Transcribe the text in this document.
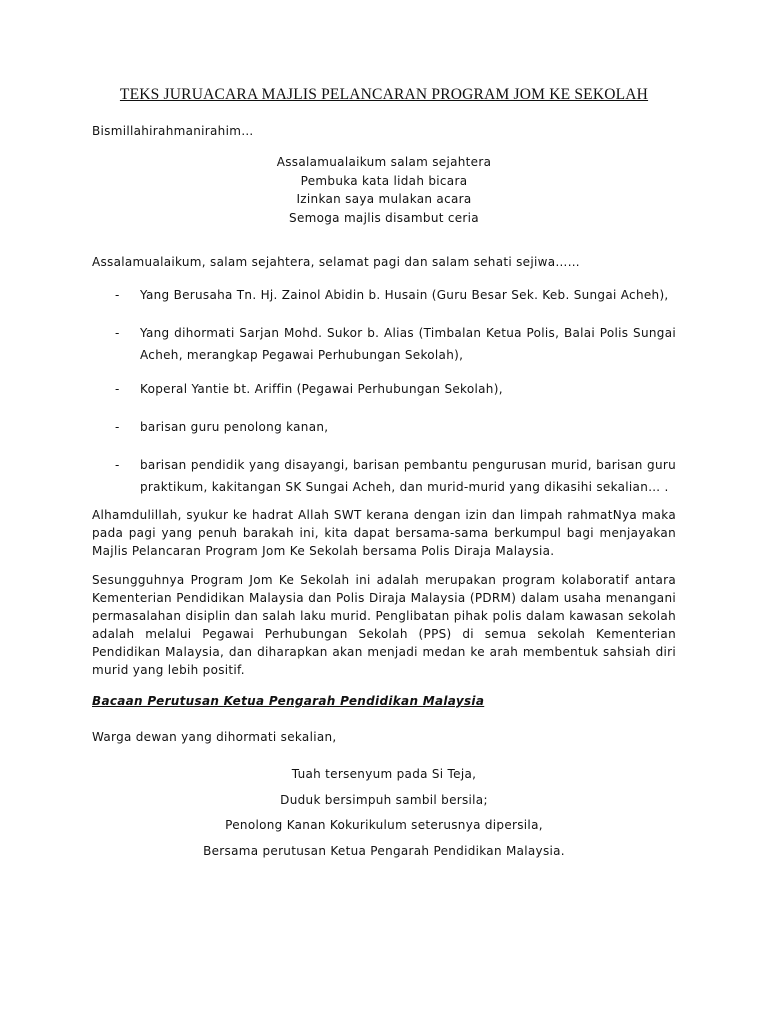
TEKS JURUACARA MAJLIS PELANCARAN PROGRAM JOM KE SEKOLAH
Bismillahirahmanirahim…
Assalamualaikum salam sejahtera
Pembuka kata lidah bicara
Izinkan saya mulakan acara
Semoga majlis disambut ceria
Assalamualaikum, salam sejahtera, selamat pagi dan salam sehati sejiwa……
- Yang Berusaha Tn. Hj. Zainol Abidin b. Husain (Guru Besar Sek. Keb. Sungai Acheh),
- Yang dihormati Sarjan Mohd. Sukor b. Alias (Timbalan Ketua Polis, Balai Polis Sungai Acheh, merangkap Pegawai Perhubungan Sekolah),
- Koperal Yantie bt. Ariffin (Pegawai Perhubungan Sekolah),
- barisan guru penolong kanan,
- barisan pendidik yang disayangi, barisan pembantu pengurusan murid, barisan guru praktikum, kakitangan SK Sungai Acheh, dan murid-murid yang dikasihi sekalian… .
Alhamdulillah, syukur ke hadrat Allah SWT kerana dengan izin dan limpah rahmatNya maka pada pagi yang penuh barakah ini, kita dapat bersama-sama berkumpul bagi menjayakan Majlis Pelancaran Program Jom Ke Sekolah bersama Polis Diraja Malaysia.
Sesungguhnya Program Jom Ke Sekolah ini adalah merupakan program kolaboratif antara Kementerian Pendidikan Malaysia dan Polis Diraja Malaysia (PDRM) dalam usaha menangani permasalahan disiplin dan salah laku murid. Penglibatan pihak polis dalam kawasan sekolah adalah melalui Pegawai Perhubungan Sekolah (PPS) di semua sekolah Kementerian Pendidikan Malaysia, dan diharapkan akan menjadi medan ke arah membentuk sahsiah diri murid yang lebih positif.
Bacaan Perutusan Ketua Pengarah Pendidikan Malaysia
Warga dewan yang dihormati sekalian,
Tuah tersenyum pada Si Teja,
Duduk bersimpuh sambil bersila;
Penolong Kanan Kokurikulum seterusnya dipersila,
Bersama perutusan Ketua Pengarah Pendidikan Malaysia.
